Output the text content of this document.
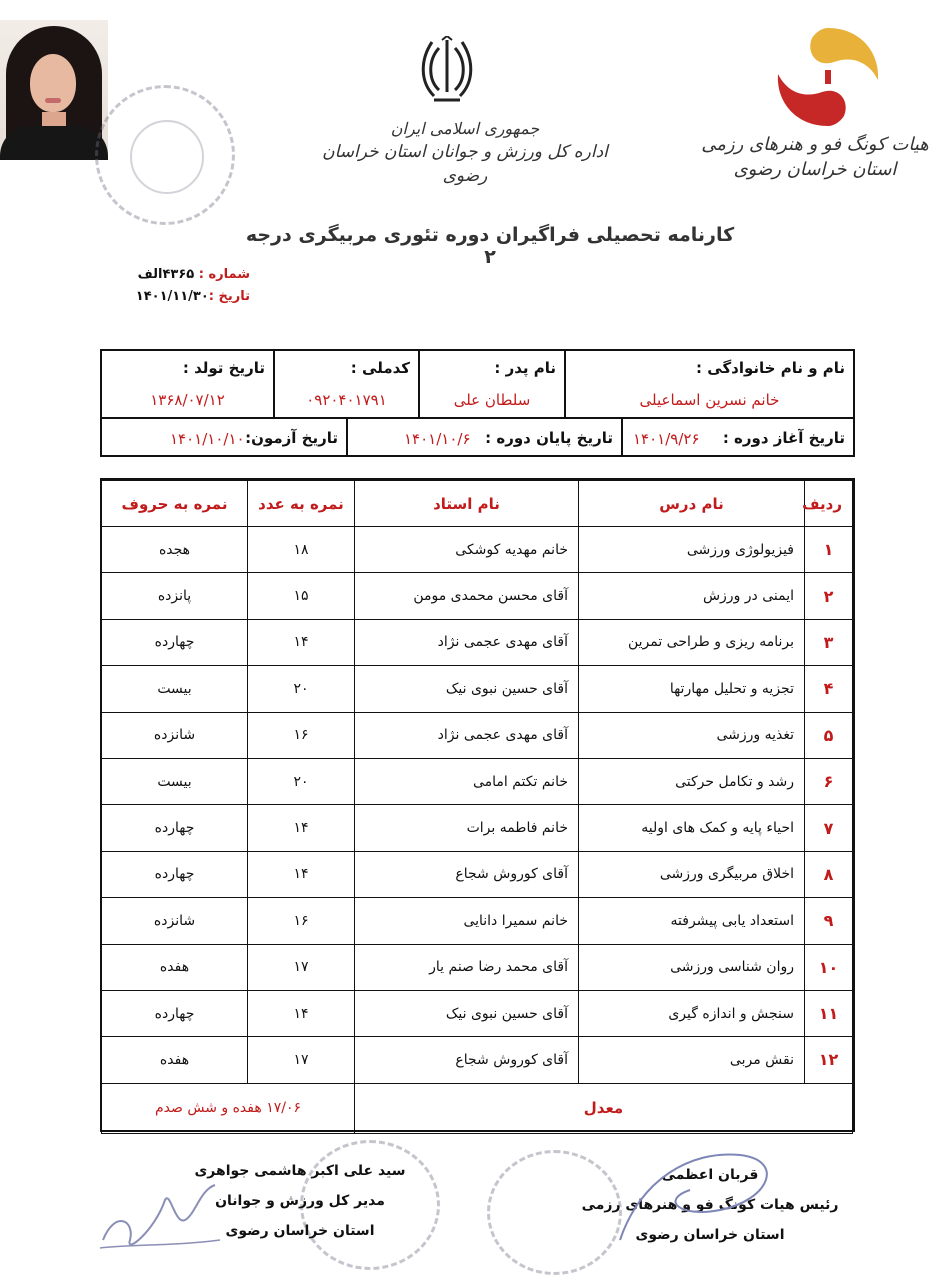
جمهوری اسلامی ایران
اداره کل ورزش و جوانان استان خراسان رضوی
هیات کونگ فو و هنرهای رزمی
استان خراسان رضوی
کارنامه تحصیلی فراگیران دوره تئوری مربیگری درجه ۲
شماره : ۴۳۶۵الف
تاریخ :۱۴۰۱/۱۱/۳۰
نام و نام خانوادگی :
خانم نسرین اسماعیلی
نام پدر :
سلطان علی
کدملی :
۰۹۲۰۴۰۱۷۹۱
تاریخ تولد :
۱۳۶۸/۰۷/۱۲
تاریخ آغاز دوره :
۱۴۰۱/۹/۲۶
تاریخ پایان دوره :
۱۴۰۱/۱۰/۶
تاریخ آزمون:
۱۴۰۱/۱۰/۱۰
ردیف	نام درس	نام استاد	نمره به عدد	نمره به حروف
۱	فیزیولوژی ورزشی	خانم مهدیه کوشکی	۱۸	هجده
۲	ایمنی در ورزش	آقای محسن محمدی مومن	۱۵	پانزده
۳	برنامه ریزی و طراحی تمرین	آقای مهدی عجمی نژاد	۱۴	چهارده
۴	تجزیه و تحلیل مهارتها	آقای حسین نبوی نیک	۲۰	بیست
۵	تغذیه ورزشی	آقای مهدی عجمی نژاد	۱۶	شانزده
۶	رشد و تکامل حرکتی	خانم تکتم امامی	۲۰	بیست
۷	احیاء پایه و کمک های اولیه	خانم فاطمه برات	۱۴	چهارده
۸	اخلاق مربیگری ورزشی	آقای کوروش شجاع	۱۴	چهارده
۹	استعداد یابی پیشرفته	خانم سمیرا دانایی	۱۶	شانزده
۱۰	روان شناسی ورزشی	آقای محمد رضا صنم یار	۱۷	هفده
۱۱	سنجش و اندازه گیری	آقای حسین نبوی نیک	۱۴	چهارده
۱۲	نقش مربی	آقای کوروش شجاع	۱۷	هفده
معدل			۱۷/۰۶ هفده و شش صدم	
سید علی اکبر هاشمی جواهری
مدیر کل ورزش و جوانان
استان خراسان رضوی
قربان اعظمی
رئیس هیات کونگ فو و هنرهای رزمی
استان خراسان رضوی
